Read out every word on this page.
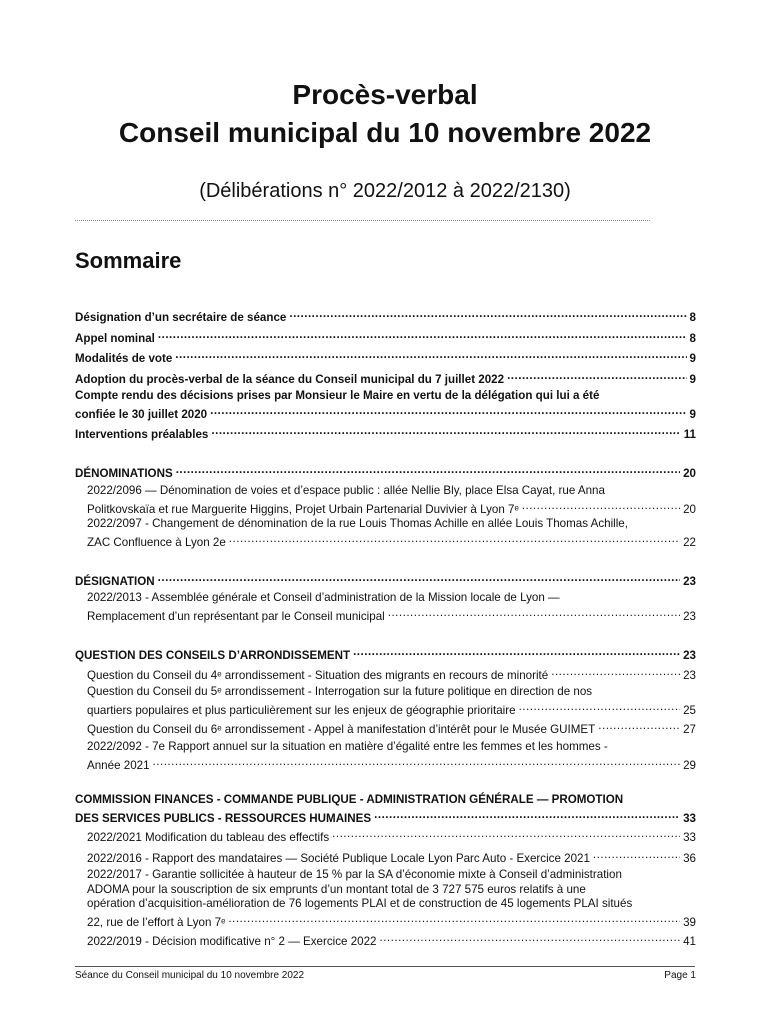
Procès-verbal
Conseil municipal du 10 novembre 2022
(Délibérations n° 2022/2012 à 2022/2130)
Sommaire
Désignation d’un secrétaire de séance .....	8
Appel nominal .....	8
Modalités de vote .....	9
Adoption du procès-verbal de la séance du Conseil municipal du 7 juillet 2022 .....	9
Compte rendu des décisions prises par Monsieur le Maire en vertu de la délégation qui lui a été
confiée le 30 juillet 2020 .....	9
Interventions préalables .....	11
DÉNOMINATIONS .....	20
2022/2096 — Dénomination de voies et d’espace public : allée Nellie Bly, place Elsa Cayat, rue Anna
Politkovskaïa et rue Marguerite Higgins, Projet Urbain Partenarial Duvivier à Lyon 7ᵉ .....	20
2022/2097 - Changement de dénomination de la rue Louis Thomas Achille en allée Louis Thomas Achille,
ZAC Confluence à Lyon 2e .....	22
DÉSIGNATION .....	23
2022/2013 - Assemblée générale et Conseil d’administration de la Mission locale de Lyon —
Remplacement d’un représentant par le Conseil municipal .....	23
QUESTION DES CONSEILS D’ARRONDISSEMENT .....	23
Question du Conseil du 4ᵉ arrondissement - Situation des migrants en recours de minorité .....	23
Question du Conseil du 5ᵉ arrondissement - Interrogation sur la future politique en direction de nos
quartiers populaires et plus particulièrement sur les enjeux de géographie prioritaire .....	25
Question du Conseil du 6ᵉ arrondissement - Appel à manifestation d’intérêt pour le Musée GUIMET .....	27
2022/2092 - 7e Rapport annuel sur la situation en matière d’égalité entre les femmes et les hommes -
Année 2021 .....	29
COMMISSION FINANCES - COMMANDE PUBLIQUE - ADMINISTRATION GÉNÉRALE — PROMOTION
DES SERVICES PUBLICS - RESSOURCES HUMAINES .....	33
2022/2021 Modification du tableau des effectifs .....	33
2022/2016 - Rapport des mandataires — Société Publique Locale Lyon Parc Auto - Exercice 2021 .....	36
2022/2017 - Garantie sollicitée à hauteur de 15 % par la SA d’économie mixte à Conseil d’administration
ADOMA pour la souscription de six emprunts d’un montant total de 3 727 575 euros relatifs à une
opération d’acquisition-amélioration de 76 logements PLAI et de construction de 45 logements PLAI situés
22, rue de l’effort à Lyon 7ᵉ .....	39
2022/2019 - Décision modificative n° 2 — Exercice 2022 .....	41
Séance du Conseil municipal du 10 novembre 2022	Page 1
